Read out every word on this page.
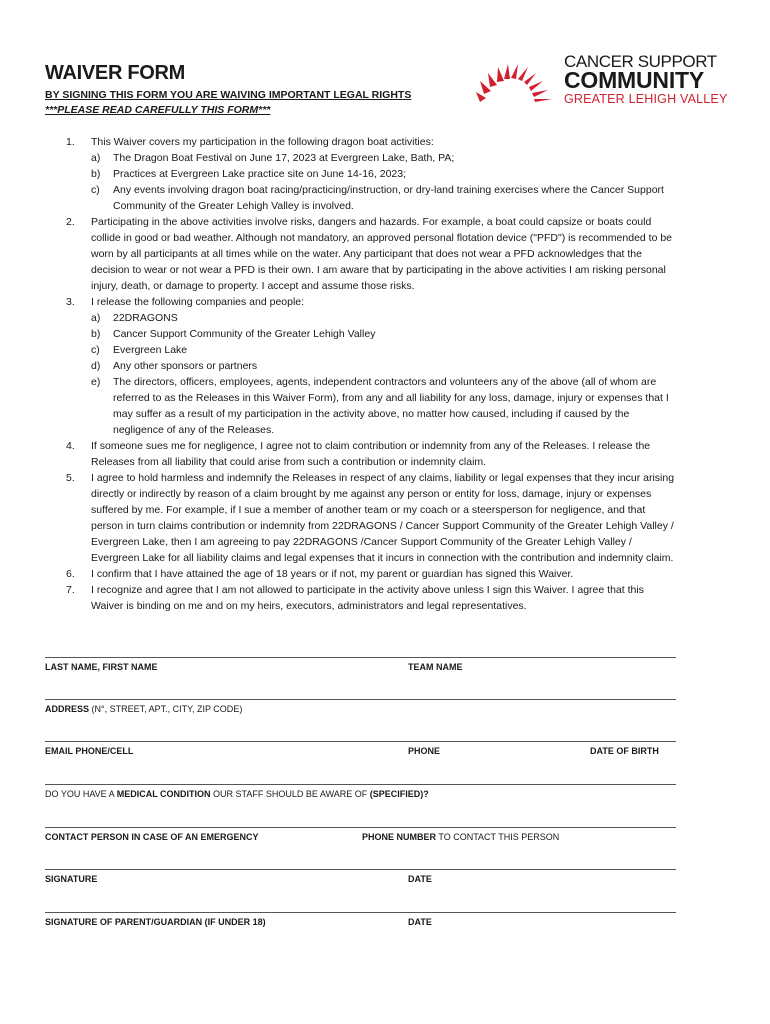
WAIVER FORM
BY SIGNING THIS FORM YOU ARE WAIVING IMPORTANT LEGAL RIGHTS
***PLEASE READ CAREFULLY THIS FORM***
CANCER SUPPORT
COMMUNITY
GREATER LEHIGH VALLEY
1. This Waiver covers my participation in the following dragon boat activities:
a) The Dragon Boat Festival on June 17, 2023 at Evergreen Lake, Bath, PA;
b) Practices at Evergreen Lake practice site on June 14-16, 2023;
c) Any events involving dragon boat racing/practicing/instruction, or dry-land training exercises where the Cancer Support Community of the Greater Lehigh Valley is involved.
2. Participating in the above activities involve risks, dangers and hazards. For example, a boat could capsize or boats could collide in good or bad weather. Although not mandatory, an approved personal flotation device ("PFD") is recommended to be worn by all participants at all times while on the water. Any participant that does not wear a PFD acknowledges that the decision to wear or not wear a PFD is their own. I am aware that by participating in the above activities I am risking personal injury, death, or damage to property. I accept and assume those risks.
3. I release the following companies and people:
a) 22DRAGONS
b) Cancer Support Community of the Greater Lehigh Valley
c) Evergreen Lake
d) Any other sponsors or partners
e) The directors, officers, employees, agents, independent contractors and volunteers any of the above (all of whom are referred to as the Releases in this Waiver Form), from any and all liability for any loss, damage, injury or expenses that I may suffer as a result of my participation in the activity above, no matter how caused, including if caused by the negligence of any of the Releases.
4. If someone sues me for negligence, I agree not to claim contribution or indemnity from any of the Releases. I release the Releases from all liability that could arise from such a contribution or indemnity claim.
5. I agree to hold harmless and indemnify the Releases in respect of any claims, liability or legal expenses that they incur arising directly or indirectly by reason of a claim brought by me against any person or entity for loss, damage, injury or expenses suffered by me. For example, if I sue a member of another team or my coach or a steersperson for negligence, and that person in turn claims contribution or indemnity from 22DRAGONS / Cancer Support Community of the Greater Lehigh Valley / Evergreen Lake, then I am agreeing to pay 22DRAGONS /Cancer Support Community of the Greater Lehigh Valley / Evergreen Lake for all liability claims and legal expenses that it incurs in connection with the contribution and indemnity claim.
6. I confirm that I have attained the age of 18 years or if not, my parent or guardian has signed this Waiver.
7. I recognize and agree that I am not allowed to participate in the activity above unless I sign this Waiver. I agree that this Waiver is binding on me and on my heirs, executors, administrators and legal representatives.
LAST NAME, FIRST NAME	TEAM NAME
ADDRESS (N°, STREET, APT., CITY, ZIP CODE)
EMAIL PHONE/CELL	PHONE	DATE OF BIRTH
DO YOU HAVE A MEDICAL CONDITION OUR STAFF SHOULD BE AWARE OF (SPECIFIED)?
CONTACT PERSON IN CASE OF AN EMERGENCY	PHONE NUMBER TO CONTACT THIS PERSON
SIGNATURE	DATE
SIGNATURE OF PARENT/GUARDIAN (IF UNDER 18)	DATE
